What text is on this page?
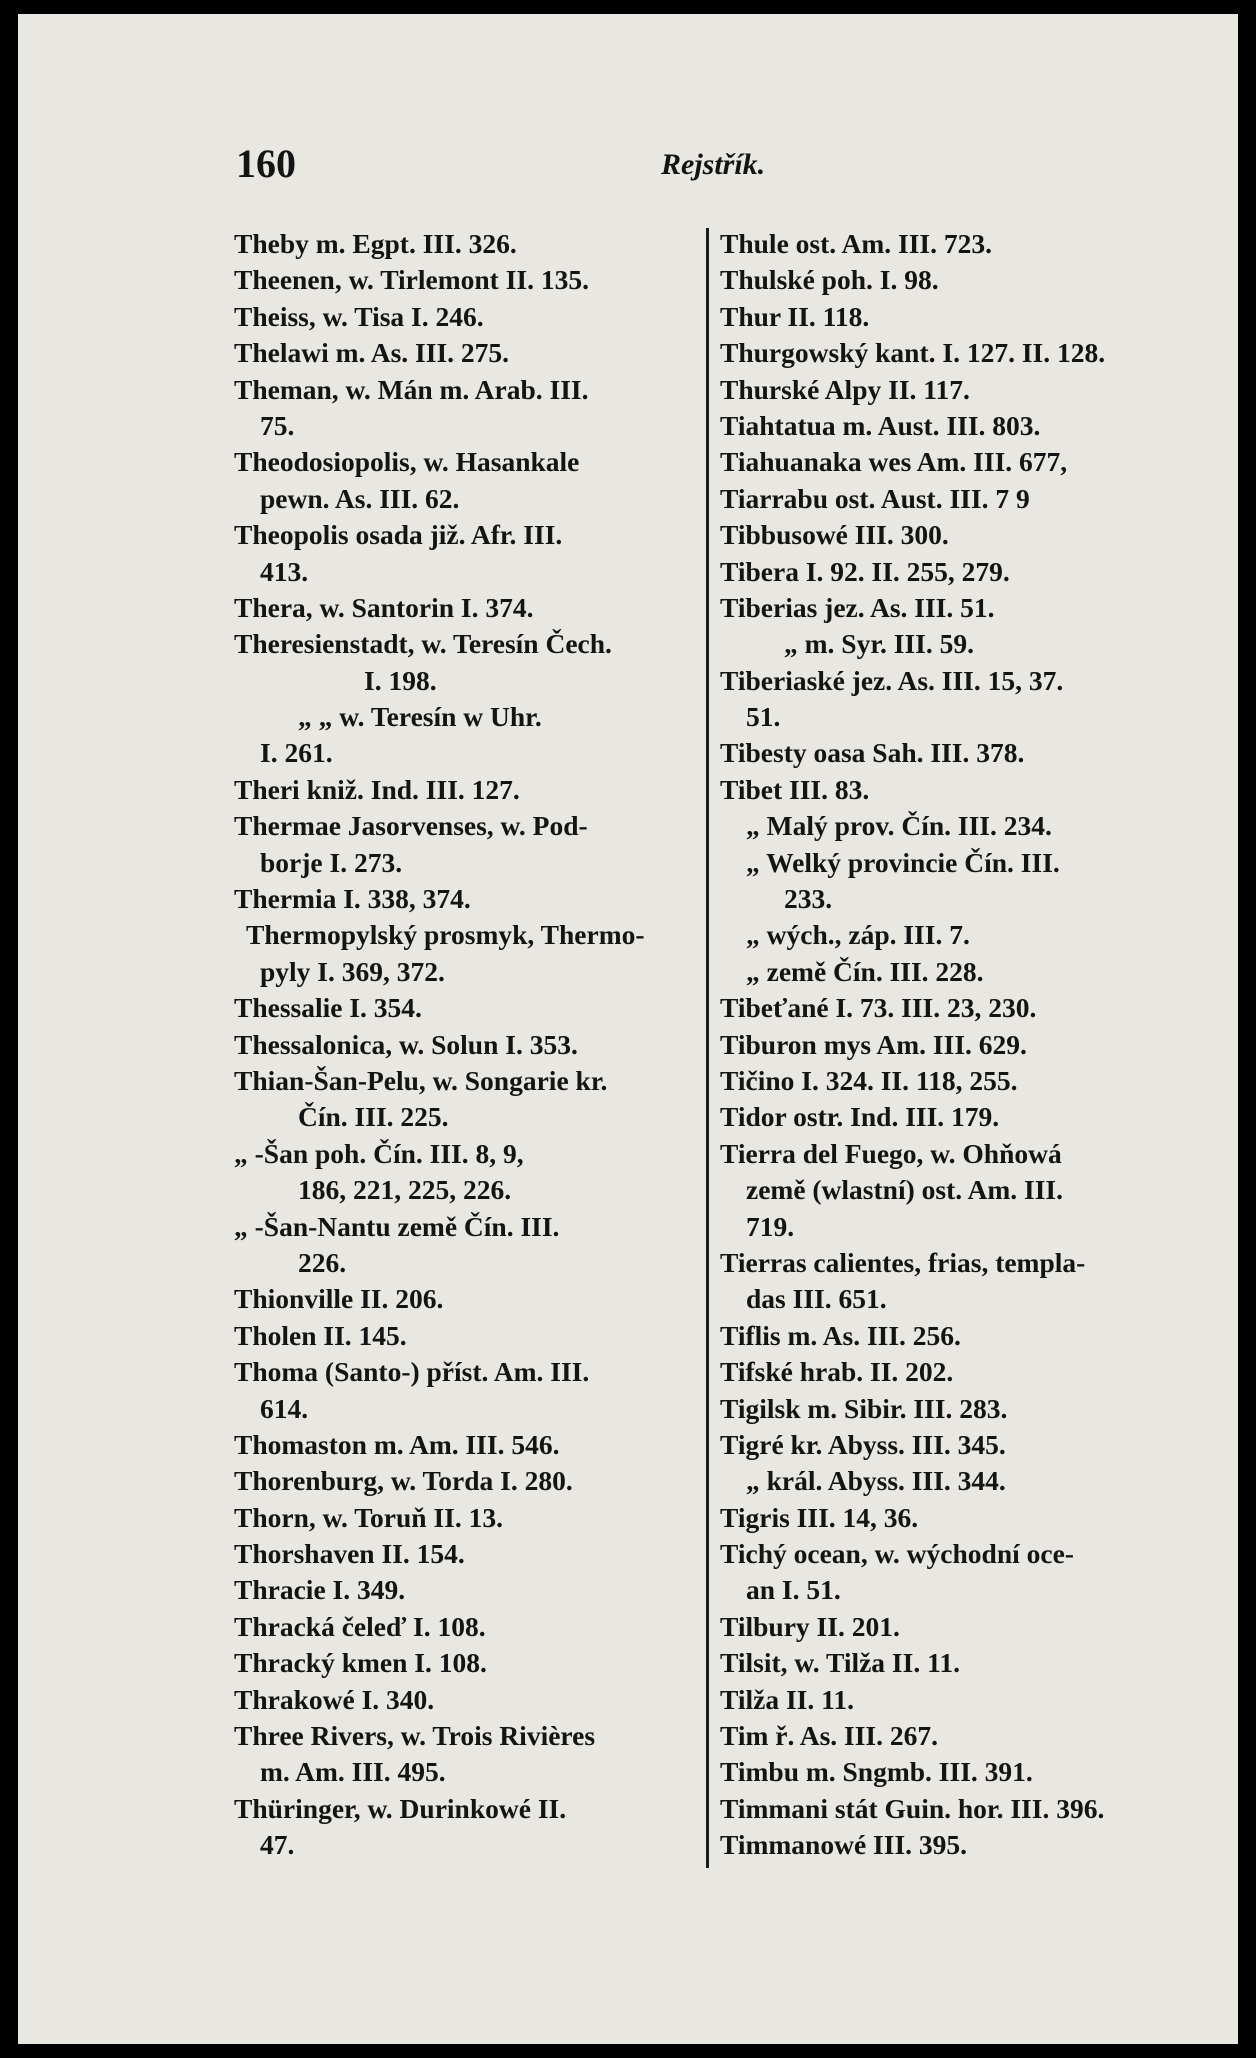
160	Rejstřík.
Theby m. Egpt. III. 326.
Theenen, w. Tirlemont II. 135.
Theiss, w. Tisa I. 246.
Thelawi m. As. III. 275.
Theman, w. Mán m. Arab. III.
75.
Theodosiopolis, w. Hasankale
pewn. As. III. 62.
Theopolis osada již. Afr. III.
413.
Thera, w. Santorin I. 374.
Theresienstadt, w. Teresín Čech.
I. 198.
„ „ w. Teresín w Uhr.
I. 261.
Theri kniž. Ind. III. 127.
Thermae Jasorvenses, w. Pod-
borje I. 273.
Thermia I. 338, 374.
Thermopylský prosmyk, Thermo-
pyly I. 369, 372.
Thessalie I. 354.
Thessalonica, w. Solun I. 353.
Thian-Šan-Pelu, w. Songarie kr.
Čín. III. 225.
„ -Šan poh. Čín. III. 8, 9,
186, 221, 225, 226.
„ -Šan-Nantu země Čín. III.
226.
Thionville II. 206.
Tholen II. 145.
Thoma (Santo-) příst. Am. III.
614.
Thomaston m. Am. III. 546.
Thorenburg, w. Torda I. 280.
Thorn, w. Toruň II. 13.
Thorshaven II. 154.
Thracie I. 349.
Thracká čeleď I. 108.
Thracký kmen I. 108.
Thrakowé I. 340.
Three Rivers, w. Trois Rivières
m. Am. III. 495.
Thüringer, w. Durinkowé II.
47.
Thule ost. Am. III. 723.
Thulské poh. I. 98.
Thur II. 118.
Thurgowský kant. I. 127. II. 128.
Thurské Alpy II. 117.
Tiahtatua m. Aust. III. 803.
Tiahuanaka wes Am. III. 677,
Tiarrabu ost. Aust. III. 7 9
Tibbusowé III. 300.
Tibera I. 92. II. 255, 279.
Tiberias jez. As. III. 51.
„ m. Syr. III. 59.
Tiberiaské jez. As. III. 15, 37.
51.
Tibesty oasa Sah. III. 378.
Tibet III. 83.
„ Malý prov. Čín. III. 234.
„ Welký provincie Čín. III.
233.
„ wých., záp. III. 7.
„ země Čín. III. 228.
Tibeťané I. 73. III. 23, 230.
Tiburon mys Am. III. 629.
Tičino I. 324. II. 118, 255.
Tidor ostr. Ind. III. 179.
Tierra del Fuego, w. Ohňowá
země (wlastní) ost. Am. III.
719.
Tierras calientes, frias, templa-
das III. 651.
Tiflis m. As. III. 256.
Tifské hrab. II. 202.
Tigilsk m. Sibir. III. 283.
Tigré kr. Abyss. III. 345.
„ král. Abyss. III. 344.
Tigris III. 14, 36.
Tichý ocean, w. wýchodní oce-
an I. 51.
Tilbury II. 201.
Tilsit, w. Tilža II. 11.
Tilža II. 11.
Tim ř. As. III. 267.
Timbu m. Sngmb. III. 391.
Timmani stát Guin. hor. III. 396.
Timmanowé III. 395.
